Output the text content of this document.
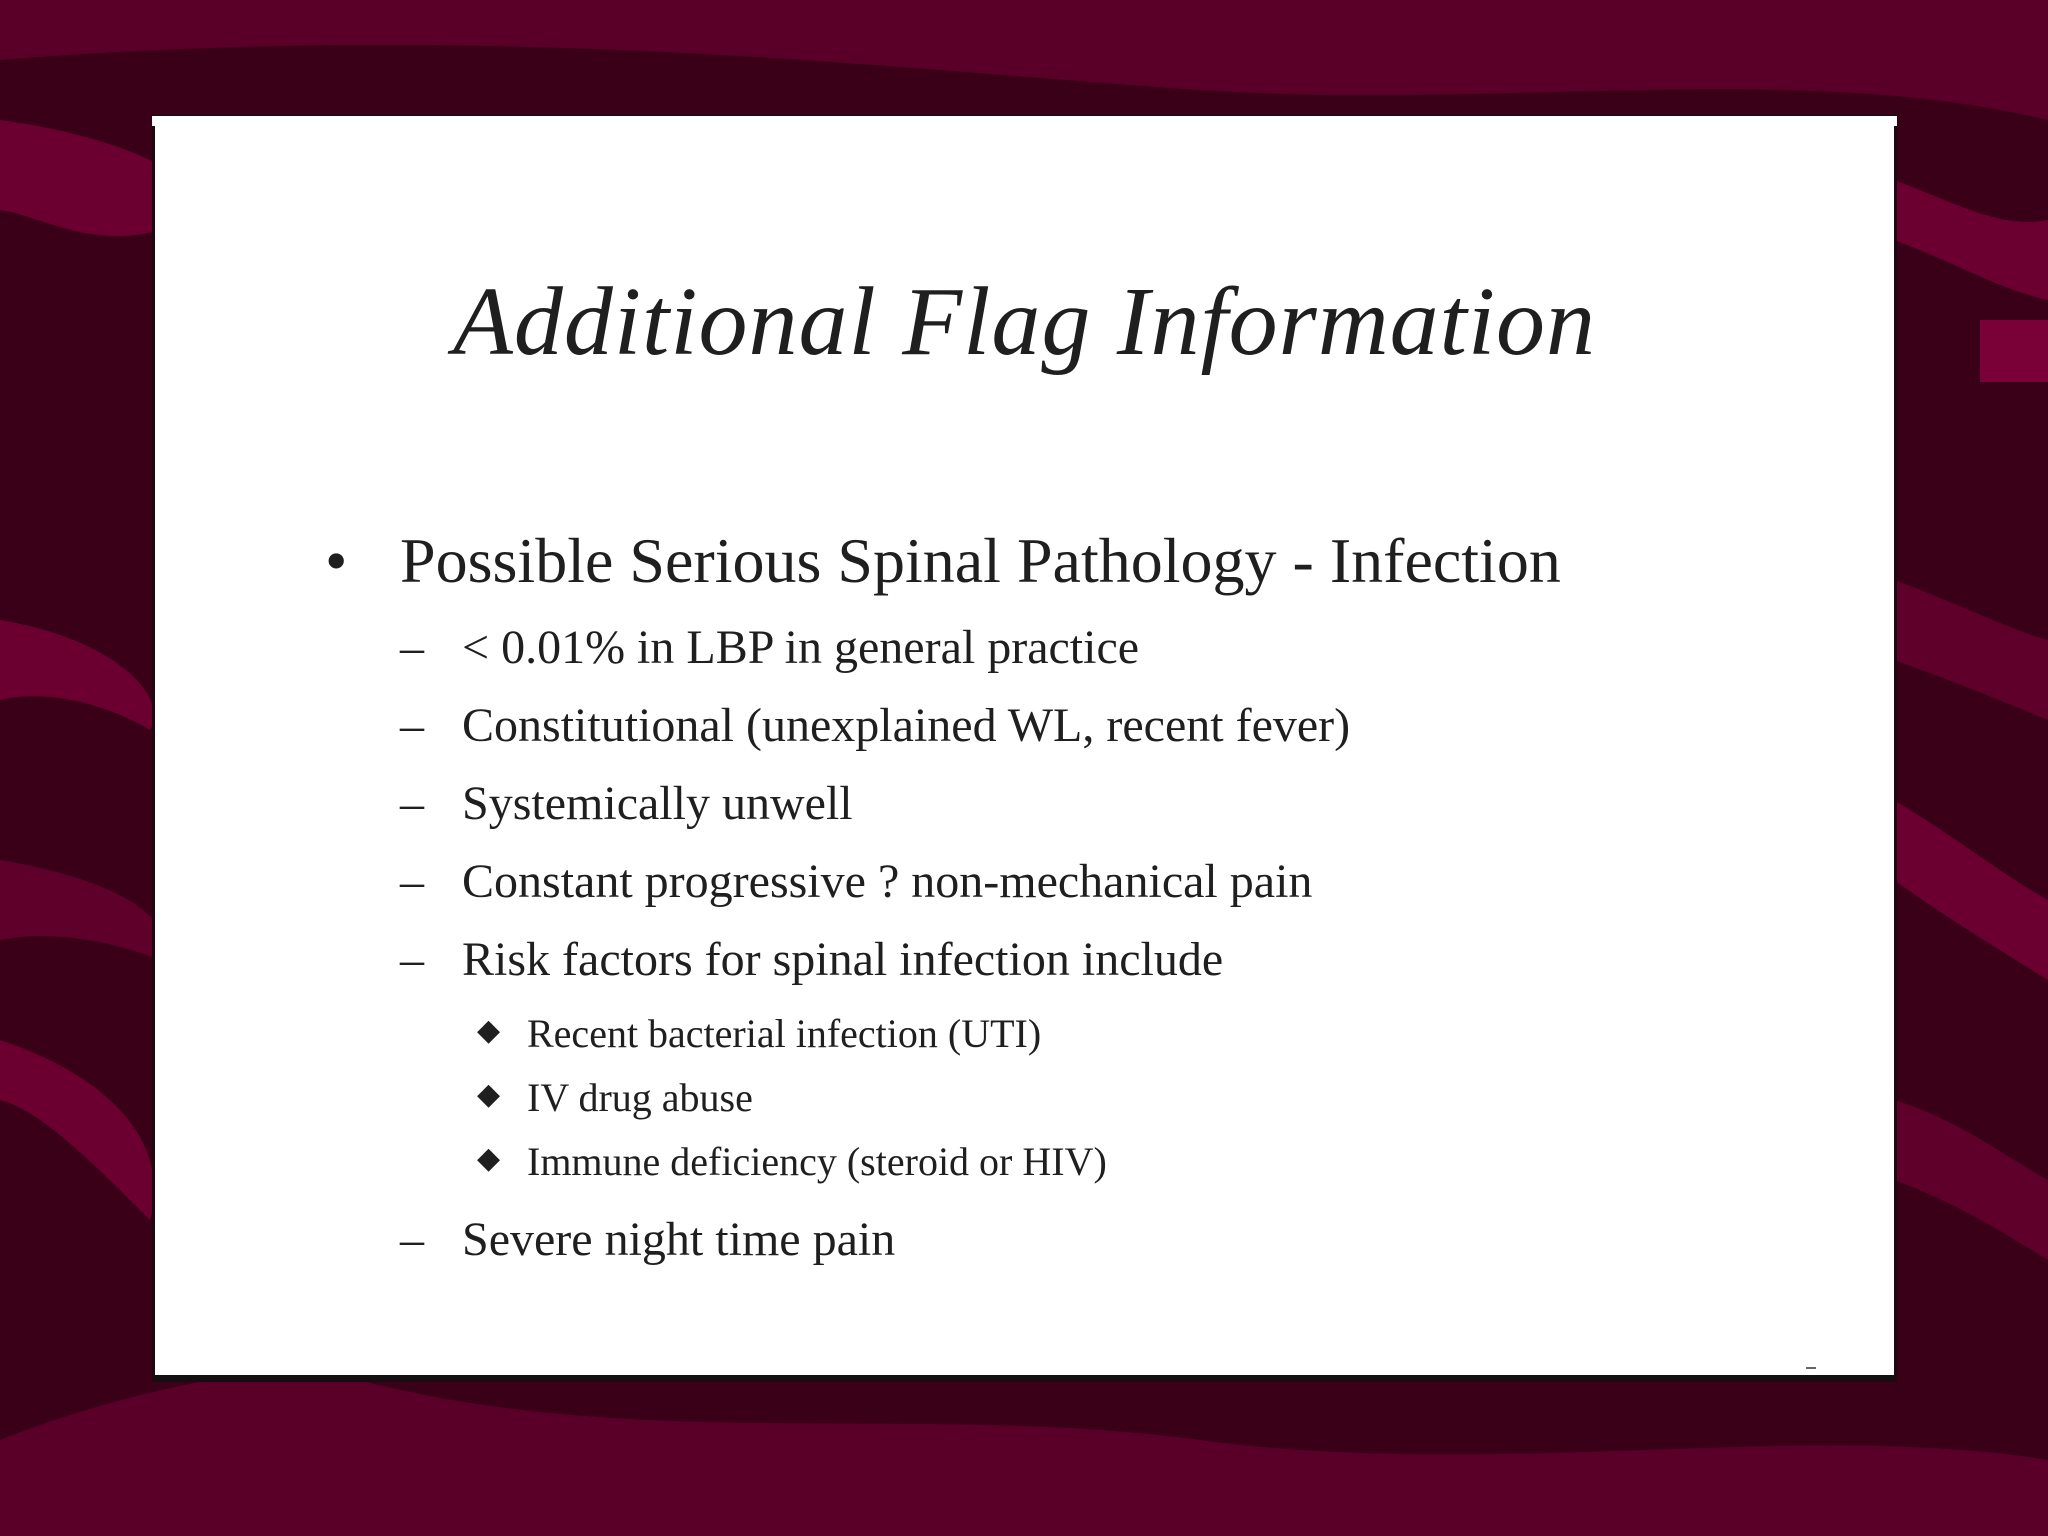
Additional Flag Information
• Possible Serious Spinal Pathology - Infection
– < 0.01% in LBP in general practice
– Constitutional (unexplained WL, recent fever)
– Systemically unwell
– Constant progressive ? non-mechanical pain
– Risk factors for spinal infection include
◆ Recent bacterial infection (UTI)
◆ IV drug abuse
◆ Immune deficiency (steroid or HIV)
– Severe night time pain
